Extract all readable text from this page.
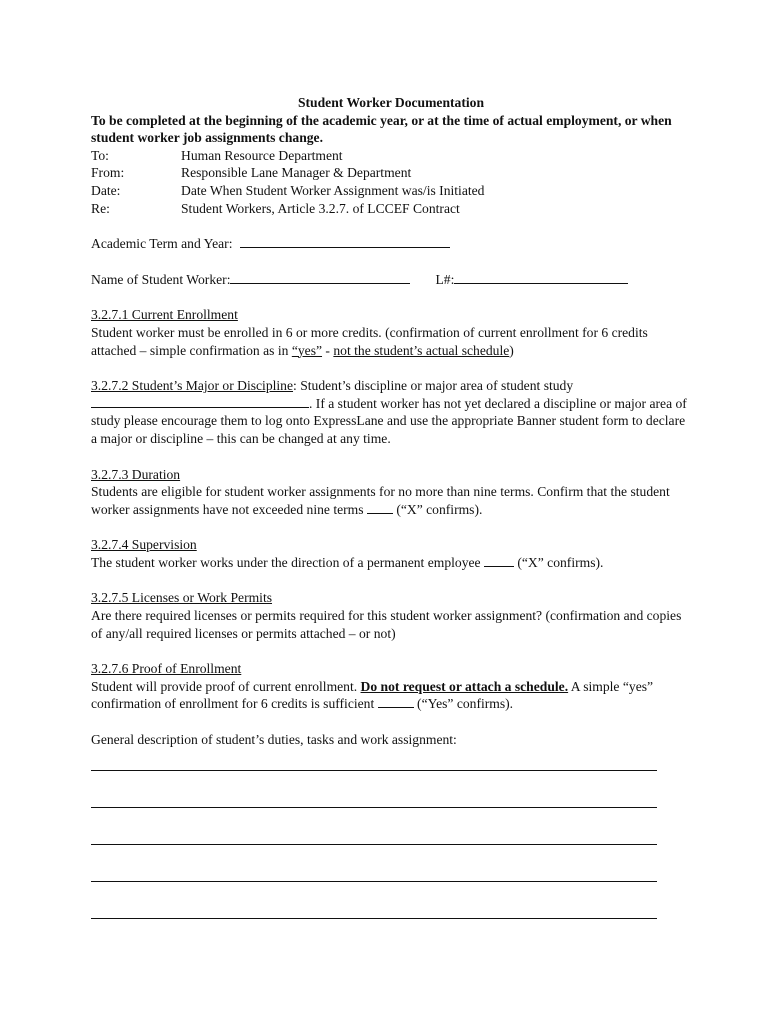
Student Worker Documentation
To be completed at the beginning of the academic year, or at the time of actual employment, or when student worker job assignments change.
To:	Human Resource Department
From:	Responsible Lane Manager & Department
Date:	Date When Student Worker Assignment was/is Initiated
Re:	Student Workers, Article 3.2.7. of LCCEF Contract
Academic Term and Year:
Name of Student Worker:	L#:
3.2.7.1 Current Enrollment
Student worker must be enrolled in 6 or more credits. (confirmation of current enrollment for 6 credits attached – simple confirmation as in “yes” - not the student’s actual schedule)
3.2.7.2 Student’s Major or Discipline: Student’s discipline or major area of student study
. If a student worker has not yet declared a discipline or major area of study please encourage them to log onto ExpressLane and use the appropriate Banner student form to declare a major or discipline – this can be changed at any time.
3.2.7.3 Duration
Students are eligible for student worker assignments for no more than nine terms. Confirm that the student worker assignments have not exceeded nine terms  (“X” confirms).
3.2.7.4 Supervision
The student worker works under the direction of a permanent employee  (“X” confirms).
3.2.7.5 Licenses or Work Permits
Are there required licenses or permits required for this student worker assignment? (confirmation and copies of any/all required licenses or permits attached – or not)
3.2.7.6 Proof of Enrollment
Student will provide proof of current enrollment. Do not request or attach a schedule. A simple “yes” confirmation of enrollment for 6 credits is sufficient	(“Yes” confirms).
General description of student’s duties, tasks and work assignment:
